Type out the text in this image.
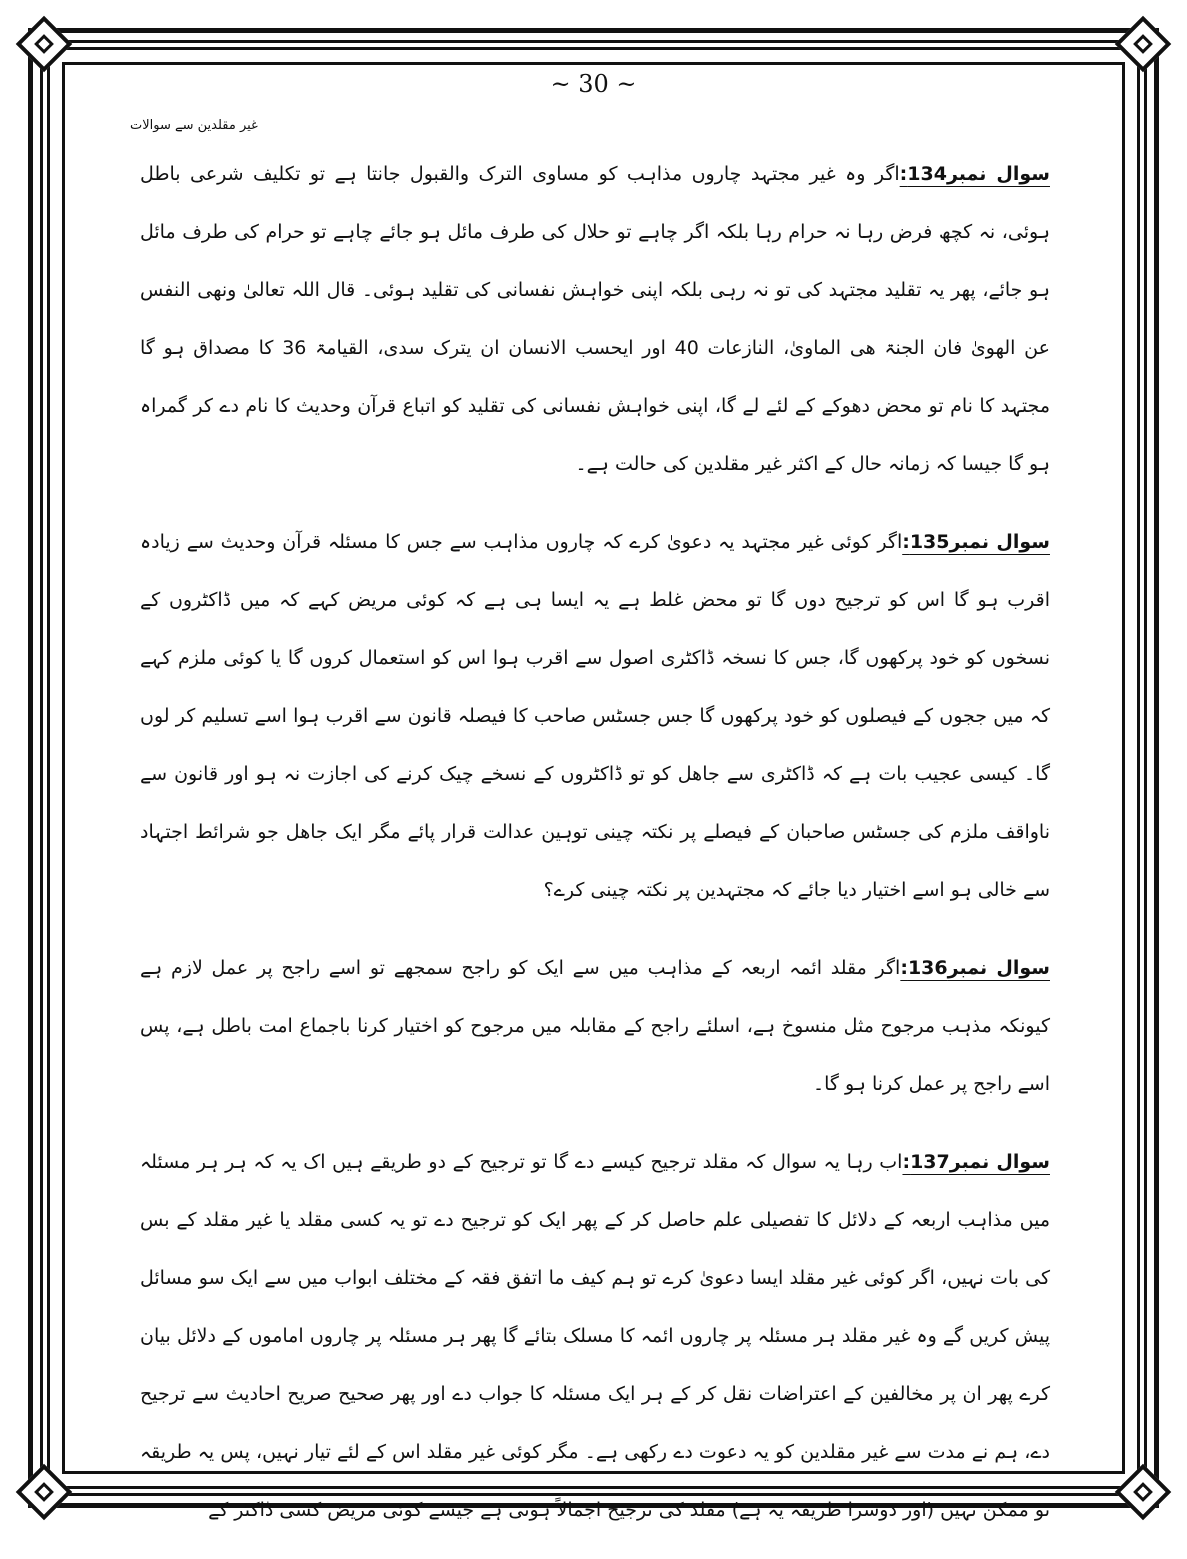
~ 30 ~
غیر مقلدین سے سوالات

سوال نمبر134:اگر وہ غیر مجتہد چاروں مذاہب کو مساوی الترک والقبول جانتا ہے تو تکلیف شرعی باطل ہوئی، نہ کچھ فرض رہا نہ حرام رہا بلکہ اگر چاہے تو حلال کی طرف مائل ہو جائے چاہے تو حرام کی طرف مائل ہو جائے، پھر یہ تقلید مجتہد کی تو نہ رہی بلکہ اپنی خواہش نفسانی کی تقلید ہوئی۔ قال اللہ تعالیٰ ونھی النفس عن الھویٰ فان الجنۃ ھی الماویٰ، النازعات 40 اور ایحسب الانسان ان یترک سدی، القیامۃ 36 کا مصداق ہو گا مجتہد کا نام تو محض دھوکے کے لئے لے گا، اپنی خواہش نفسانی کی تقلید کو اتباع قرآن وحدیث کا نام دے کر گمراہ ہو گا جیسا کہ زمانہ حال کے اکثر غیر مقلدین کی حالت ہے۔

سوال نمبر135:اگر کوئی غیر مجتہد یہ دعویٰ کرے کہ چاروں مذاہب سے جس کا مسئلہ قرآن وحدیث سے زیادہ اقرب ہو گا اس کو ترجیح دوں گا تو محض غلط ہے یہ ایسا ہی ہے کہ کوئی مریض کہے کہ میں ڈاکٹروں کے نسخوں کو خود پرکھوں گا، جس کا نسخہ ڈاکٹری اصول سے اقرب ہوا اس کو استعمال کروں گا یا کوئی ملزم کہے کہ میں ججوں کے فیصلوں کو خود پرکھوں گا جس جسٹس صاحب کا فیصلہ قانون سے اقرب ہوا اسے تسلیم کر لوں گا۔ کیسی عجیب بات ہے کہ ڈاکٹری سے جاھل کو تو ڈاکٹروں کے نسخے چیک کرنے کی اجازت نہ ہو اور قانون سے ناواقف ملزم کی جسٹس صاحبان کے فیصلے پر نکتہ چینی توہین عدالت قرار پائے مگر ایک جاھل جو شرائط اجتہاد سے خالی ہو اسے اختیار دیا جائے کہ مجتہدین پر نکتہ چینی کرے؟

سوال نمبر136:اگر مقلد ائمہ اربعہ کے مذاہب میں سے ایک کو راجح سمجھے تو اسے راجح پر عمل لازم ہے کیونکہ مذہب مرجوح مثل منسوخ ہے، اسلئے راجح کے مقابلہ میں مرجوح کو اختیار کرنا باجماع امت باطل ہے، پس اسے راجح پر عمل کرنا ہو گا۔

سوال نمبر137:اب رہا یہ سوال کہ مقلد ترجیح کیسے دے گا تو ترجیح کے دو طریقے ہیں اک یہ کہ ہر ہر مسئلہ میں مذاہب اربعہ کے دلائل کا تفصیلی علم حاصل کر کے پھر ایک کو ترجیح دے تو یہ کسی مقلد یا غیر مقلد کے بس کی بات نہیں، اگر کوئی غیر مقلد ایسا دعویٰ کرے تو ہم کیف ما اتفق فقہ کے مختلف ابواب میں سے ایک سو مسائل پیش کریں گے وہ غیر مقلد ہر مسئلہ پر چاروں ائمہ کا مسلک بتائے گا پھر ہر مسئلہ پر چاروں اماموں کے دلائل بیان کرے پھر ان پر مخالفین کے اعتراضات نقل کر کے ہر ایک مسئلہ کا جواب دے اور پھر صحیح صریح احادیث سے ترجیح دے، ہم نے مدت سے غیر مقلدین کو یہ دعوت دے رکھی ہے۔ مگر کوئی غیر مقلد اس کے لئے تیار نہیں، پس یہ طریقہ تو ممکن نہیں (اور دوسرا طریقہ یہ ہے) مقلد کی ترجیح اجمالاً ہوتی ہے جیسے کوئی مریض کسی ڈاکٹر کے
